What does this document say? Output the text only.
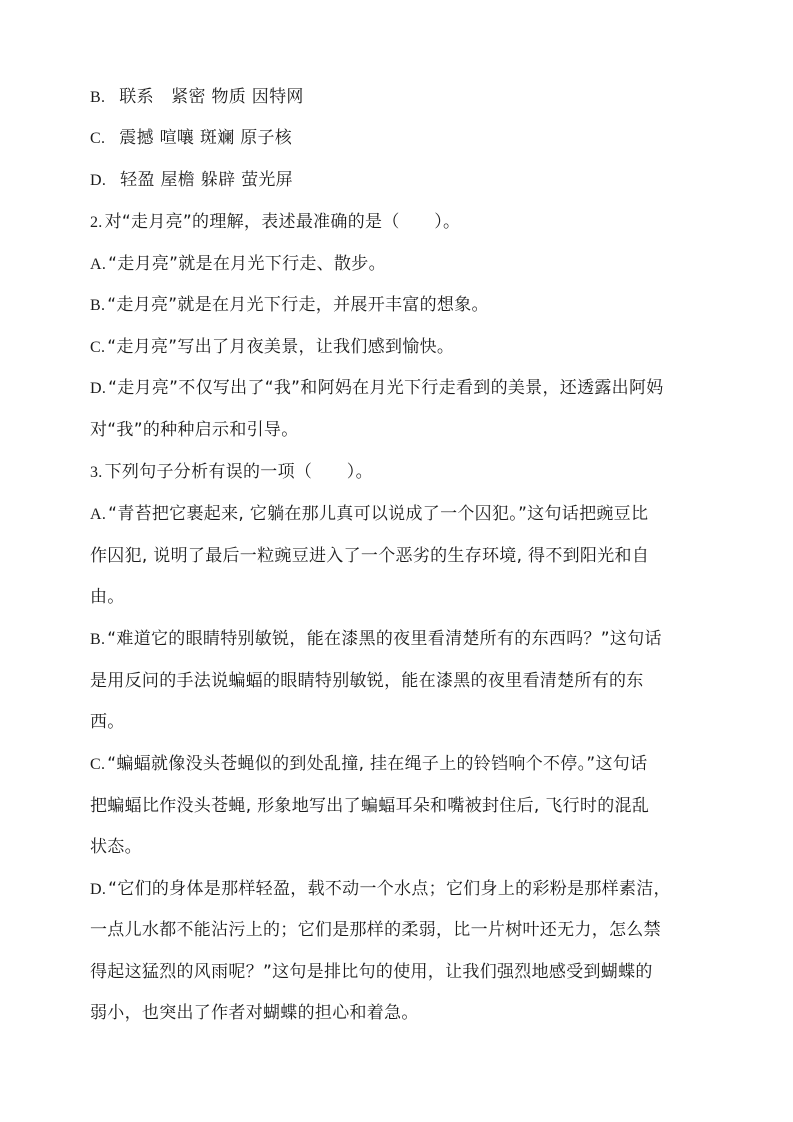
B. 联系　紧密 物质 因特网
C. 震撼 喧嚷 斑斓 原子核
D. 轻盈 屋檐 躲辟 萤光屏
2. 对“走月亮”的理解，表述最准确的是（　　）。
A. “走月亮”就是在月光下行走、散步。
B. “走月亮”就是在月光下行走，并展开丰富的想象。
C. “走月亮”写出了月夜美景，让我们感到愉快。
D. “走月亮”不仅写出了“我”和阿妈在月光下行走看到的美景，还透露出阿妈
对“我”的种种启示和引导。
3. 下列句子分析有误的一项（　　）。
A. “青苔把它裹起来, 它躺在那儿真可以说成了一个囚犯。”这句话把豌豆比
作囚犯, 说明了最后一粒豌豆进入了一个恶劣的生存环境, 得不到阳光和自
由。
B. “难道它的眼睛特别敏锐，能在漆黑的夜里看清楚所有的东西吗？”这句话
是用反问的手法说蝙蝠的眼睛特别敏锐，能在漆黑的夜里看清楚所有的东
西。
C. “蝙蝠就像没头苍蝇似的到处乱撞, 挂在绳子上的铃铛响个不停。”这句话
把蝙蝠比作没头苍蝇, 形象地写出了蝙蝠耳朵和嘴被封住后, 飞行时的混乱
状态。
D. “它们的身体是那样轻盈，载不动一个水点；它们身上的彩粉是那样素洁，
一点儿水都不能沾污上的；它们是那样的柔弱，比一片树叶还无力，怎么禁
得起这猛烈的风雨呢？”这句是排比句的使用，让我们强烈地感受到蝴蝶的
弱小，也突出了作者对蝴蝶的担心和着急。
